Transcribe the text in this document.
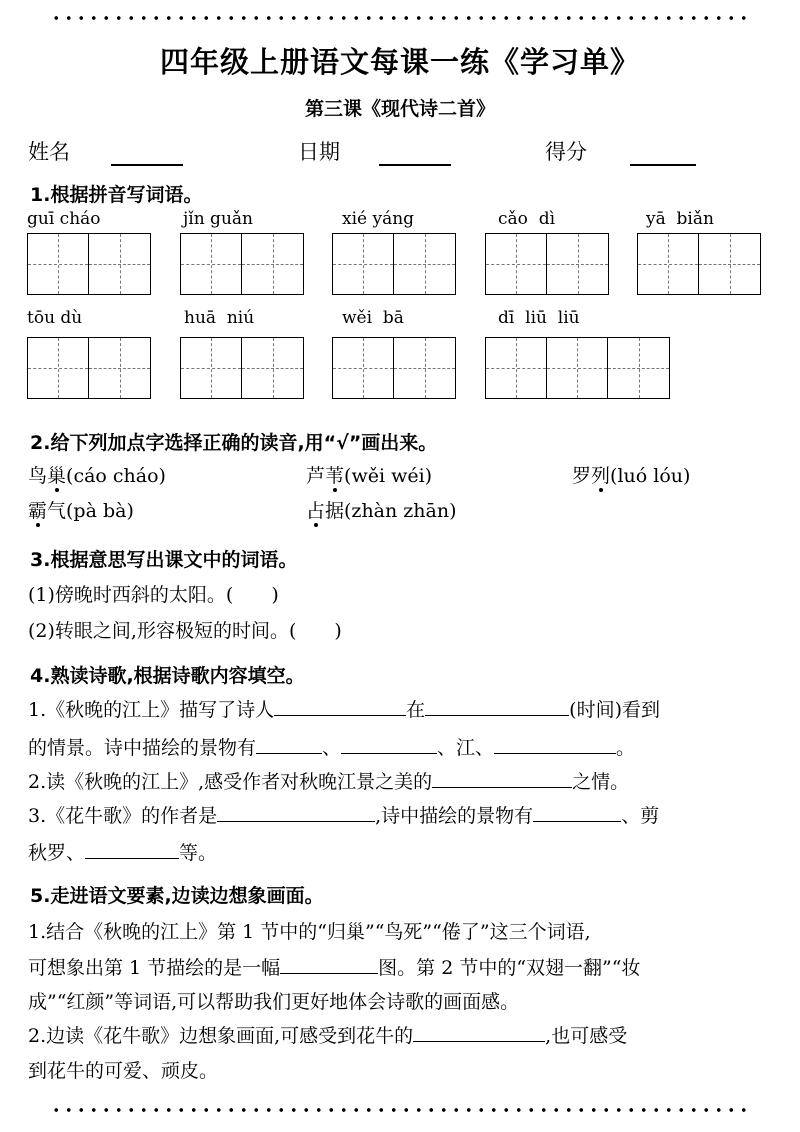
四年级上册语文每课一练《学习单》
第三课《现代诗二首》
姓名	日期	得分
1.根据拼音写词语。
guī cháo	jǐn guǎn	xié yáng	cǎo  dì	yā  biǎn
tōu dù	huā  niú	wěi  bā	dī  liū  liū
2.给下列加点字选择正确的读音,用“√”画出来。
鸟巢(cáo cháo)	芦苇(wěi wéi)	罗列(luó lóu)
霸气(pà bà)	占据(zhàn zhān)
3.根据意思写出课文中的词语。
(1)傍晚时西斜的太阳。(　　)
(2)转眼之间,形容极短的时间。(　　)
4.熟读诗歌,根据诗歌内容填空。
1.《秋晚的江上》描写了诗人	在	(时间)看到
的情景。诗中描绘的景物有	、	、江、	。
2.读《秋晚的江上》,感受作者对秋晚江景之美的	之情。
3.《花牛歌》的作者是	,诗中描绘的景物有	、剪
秋罗、	等。
5.走进语文要素,边读边想象画面。
1.结合《秋晚的江上》第 1 节中的“归巢”“鸟死”“倦了”这三个词语,
可想象出第 1 节描绘的是一幅	图。第 2 节中的“双翅一翻”“妆
成”“红颜”等词语,可以帮助我们更好地体会诗歌的画面感。
2.边读《花牛歌》边想象画面,可感受到花牛的	,也可感受
到花牛的可爱、顽皮。
